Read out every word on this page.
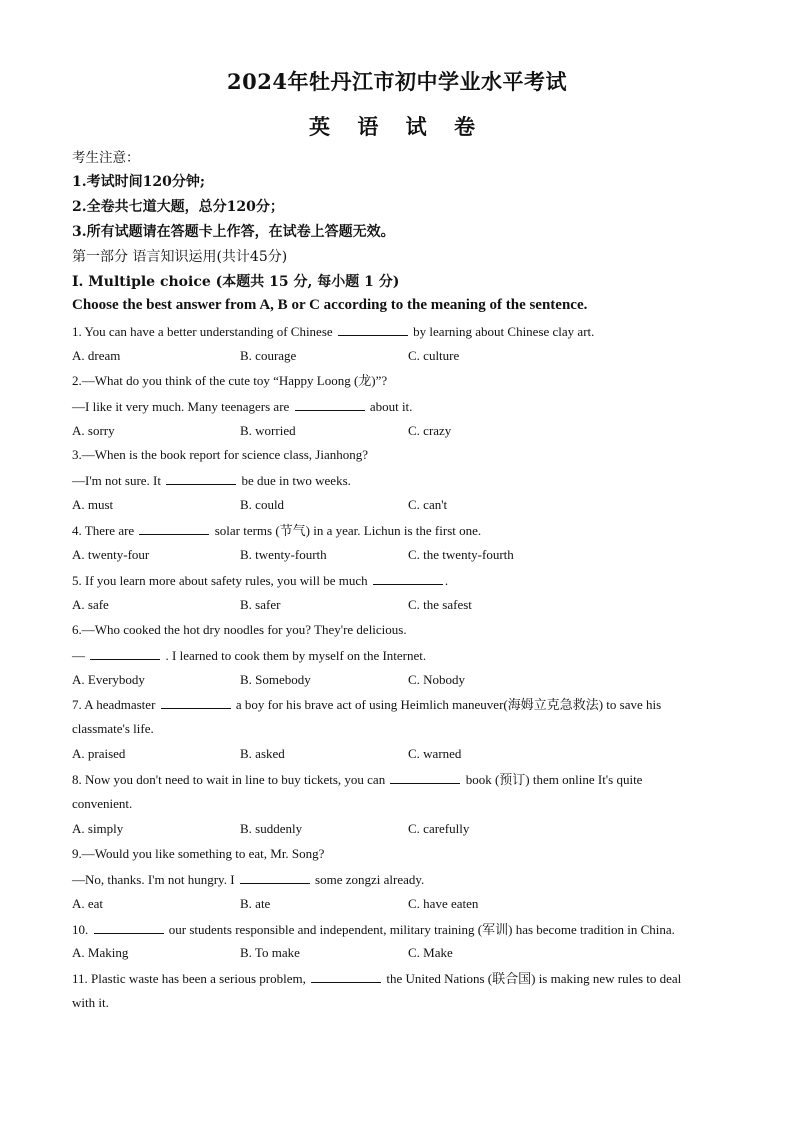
2024年牡丹江市初中学业水平考试
英 语 试 卷
考生注意：
1.考试时间120分钟;
2.全卷共七道大题，总分120分；
3.所有试题请在答题卡上作答，在试卷上答题无效。
第一部分 语言知识运用(共计45分)
Ⅰ. Multiple choice (本题共 15 分, 每小题 1 分)
Choose the best answer from A, B or C according to the meaning of the sentence.
1. You can have a better understanding of Chinese	by learning about Chinese clay art.
A. dream	B. courage	C. culture
2.—What do you think of the cute toy “Happy Loong (龙)”?
—I like it very much. Many teenagers are	about it.
A. sorry	B. worried	C. crazy
3.—When is the book report for science class, Jianhong?
—I'm not sure. It	be due in two weeks.
A. must	B. could	C. can't
4. There are	solar terms (节气) in a year. Lichun is the first one.
A. twenty-four	B. twenty-fourth	C. the twenty-fourth
5. If you learn more about safety rules, you will be much	.
A. safe	B. safer	C. the safest
6.—Who cooked the hot dry noodles for you? They're delicious.
—	. I learned to cook them by myself on the Internet.
A. Everybody	B. Somebody	C. Nobody
7. A headmaster	a boy for his brave act of using Heimlich maneuver(海姆立克急救法) to save his
classmate's life.
A. praised	B. asked	C. warned
8. Now you don't need to wait in line to buy tickets, you can	book (预订) them online It's quite
convenient.
A. simply	B. suddenly	C. carefully
9.—Would you like something to eat, Mr. Song?
—No, thanks. I'm not hungry. I	some zongzi already.
A. eat	B. ate	C. have eaten
10.	our students responsible and independent, military training (军训) has become tradition in China.
A. Making	B. To make	C. Make
11. Plastic waste has been a serious problem,	the United Nations (联合国) is making new rules to deal
with it.
